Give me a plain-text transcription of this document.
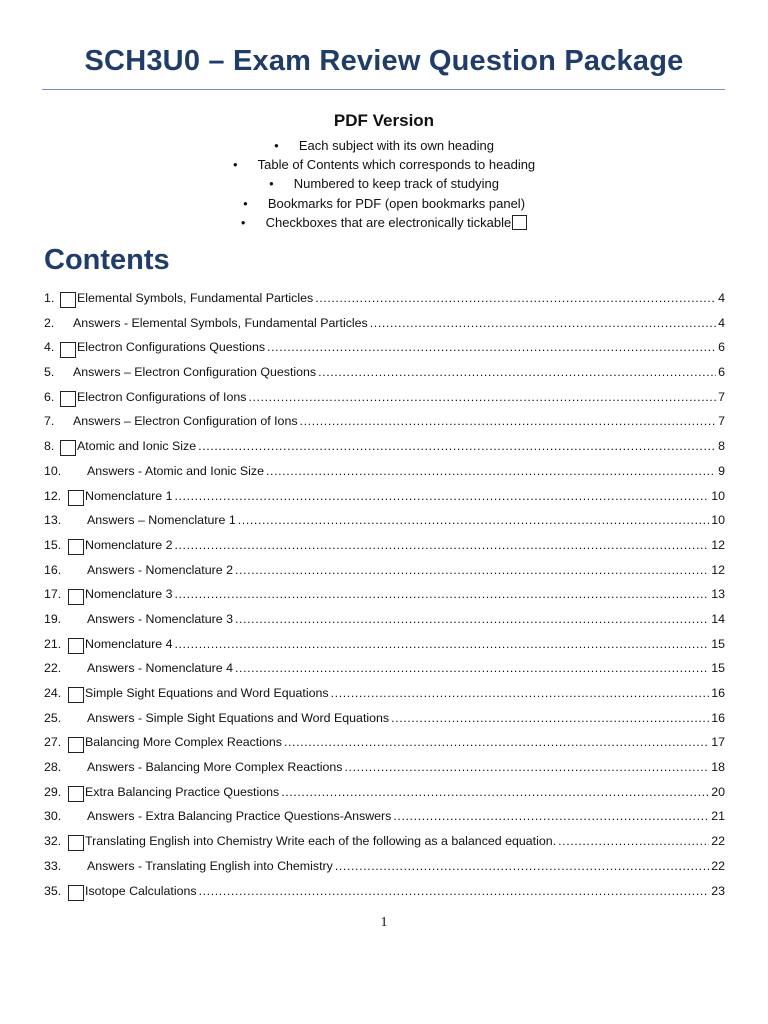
SCH3U0 – Exam Review Question Package
PDF Version
● Each subject with its own heading
● Table of Contents which corresponds to heading
● Numbered to keep track of studying
● Bookmarks for PDF (open bookmarks panel)
● Checkboxes that are electronically tickable
Contents
1.	Elemental Symbols, Fundamental Particles .....	4
2.	Answers - Elemental Symbols, Fundamental Particles .....	4
4.	Electron Configurations Questions .....	6
5.	Answers – Electron Configuration Questions .....	6
6.	Electron Configurations of Ions .....	7
7.	Answers – Electron Configuration of Ions .....	7
8.	Atomic and Ionic Size .....	8
10.	Answers - Atomic and Ionic Size .....	9
12.	Nomenclature 1 .....	10
13.	Answers – Nomenclature 1 .....	10
15.	Nomenclature 2 .....	12
16.	Answers - Nomenclature 2 .....	12
17.	Nomenclature 3 .....	13
19.	Answers - Nomenclature 3 .....	14
21.	Nomenclature 4 .....	15
22.	Answers - Nomenclature 4 .....	15
24.	Simple Sight Equations and Word Equations .....	16
25.	Answers - Simple Sight Equations and Word Equations .....	16
27.	Balancing More Complex Reactions .....	17
28.	Answers - Balancing More Complex Reactions .....	18
29.	Extra Balancing Practice Questions .....	20
30.	Answers - Extra Balancing Practice Questions-Answers .....	21
32.	Translating English into Chemistry Write each of the following as a balanced equation. .....	22
33.	Answers - Translating English into Chemistry .....	22
35.	Isotope Calculations .....	23
1
